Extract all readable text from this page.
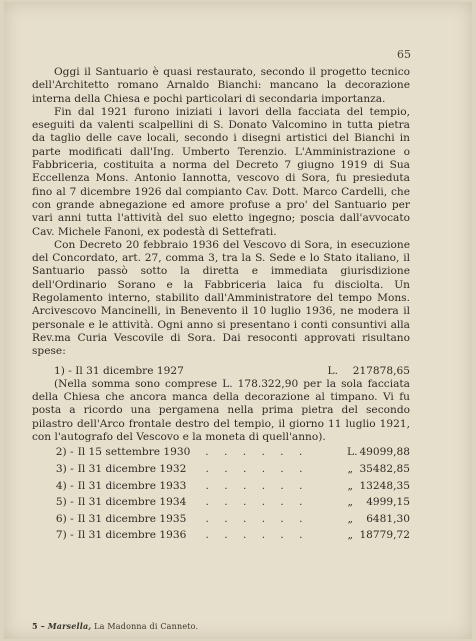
65

Oggi il Santuario è quasi restaurato, secondo il progetto tecnico dell'Architetto romano Arnaldo Bianchi: mancano la decorazione interna della Chiesa e pochi particolari di secondaria importanza.

Fin dal 1921 furono iniziati i lavori della facciata del tempio, eseguiti da valenti scalpellini di S. Donato Valcomino in tutta pietra da taglio delle cave locali, secondo i disegni artistici del Bianchi in parte modificati dall'Ing. Umberto Terenzio. L'Amministrazione o Fabbriceria, costituita a norma del Decreto 7 giugno 1919 di Sua Eccellenza Mons. Antonio Iannotta, vescovo di Sora, fu presieduta fino al 7 dicembre 1926 dal compianto Cav. Dott. Marco Cardelli, che con grande abnegazione ed amore profuse a pro' del Santuario per vari anni tutta l'attività del suo eletto ingegno; poscia dall'avvocato Cav. Michele Fanoni, ex podestà di Settefrati.

Con Decreto 20 febbraio 1936 del Vescovo di Sora, in esecuzione del Concordato, art. 27, comma 3, tra la S. Sede e lo Stato italiano, il Santuario passò sotto la diretta e immediata giurisdizione dell'Ordinario Sorano e la Fabbriceria laica fu disciolta. Un Regolamento interno, stabilito dall'Amministratore del tempo Mons. Arcivescovo Mancinelli, in Benevento il 10 luglio 1936, ne modera il personale e le attività. Ogni anno si presentano i conti consuntivi alla Rev.ma Curia Vescovile di Sora. Dai resoconti approvati risultano spese:

1) - Il 31 dicembre 1927	L. 217878,65

(Nella somma sono comprese L. 178.322,90 per la sola facciata della Chiesa che ancora manca della decorazione al timpano. Vi fu posta a ricordo una pergamena nella prima pietra del secondo pilastro dell'Arco frontale destro del tempio, il giorno 11 luglio 1921, con l'autografo del Vescovo e la moneta di quell'anno).

2) - Il 15 settembre 1930	. . . . . .	L. 49099,88
3) - Il 31 dicembre 1932	. . . . . .	„ 35482,85
4) - Il 31 dicembre 1933	. . . . . .	„ 13248,35
5) - Il 31 dicembre 1934	. . . . . .	„	4999,15
6) - Il 31 dicembre 1935	. . . . . .	„	6481,30
7) - Il 31 dicembre 1936	. . . . . .	„ 18779,72
5 – Marsella, La Madonna di Canneto.
